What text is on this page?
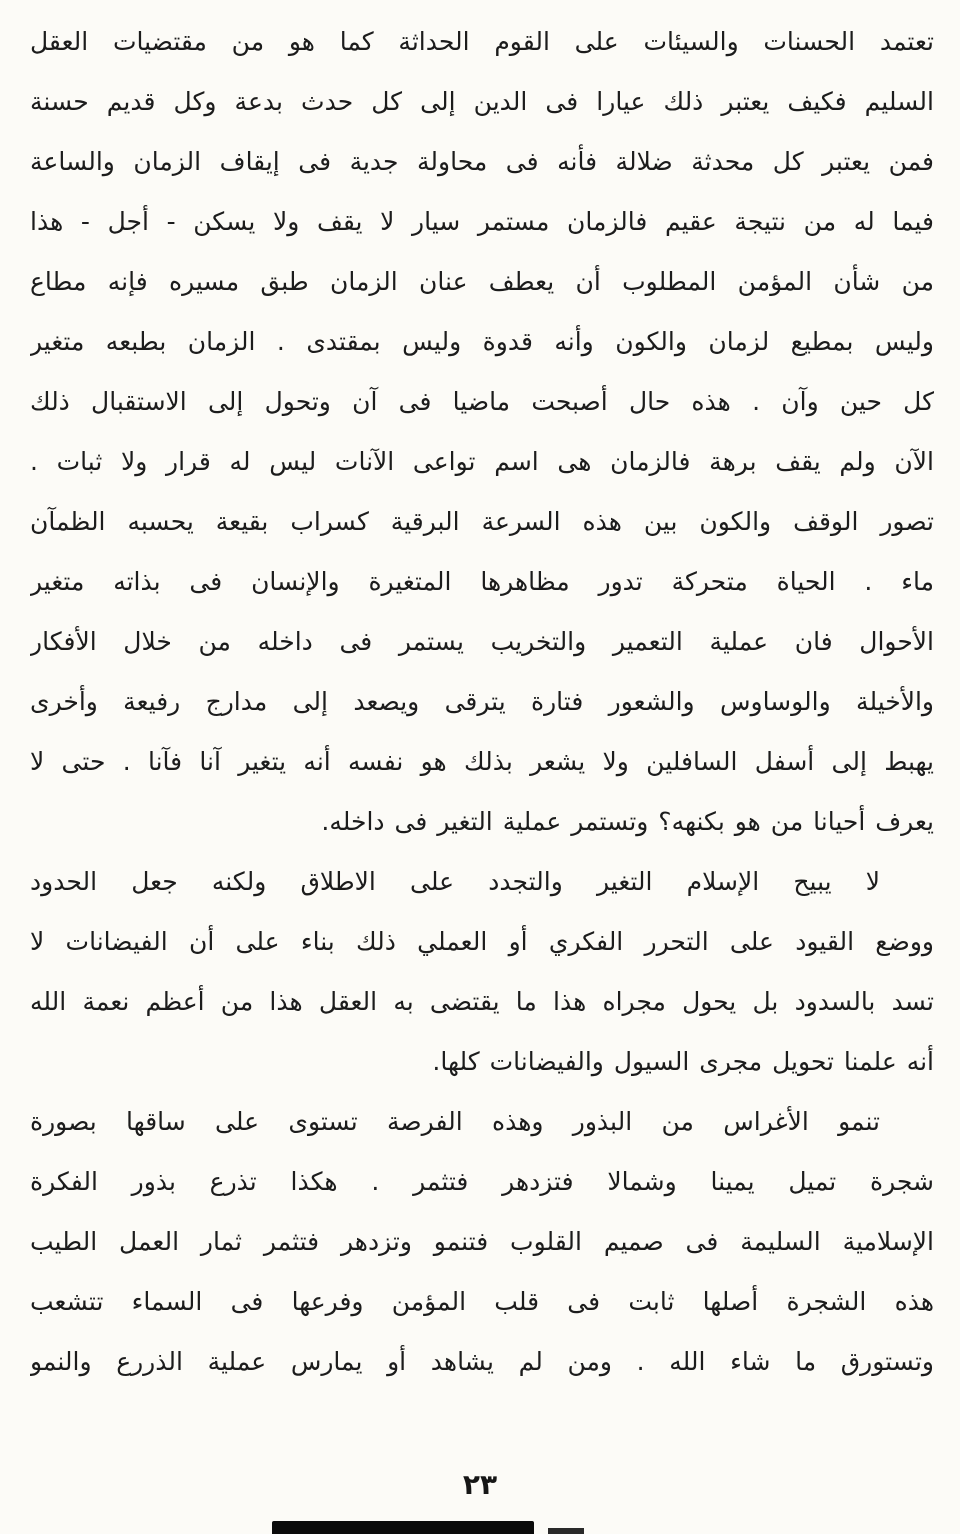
تعتمد الحسنات والسيئات على القوم الحداثة كما هو من مقتضيات العقل
السليم فكيف يعتبر ذلك عيارا فى الدين إلى كل حدث بدعة وكل قديم حسنة
فمن يعتبر كل محدثة ضلالة فأنه فى محاولة جدية فى إيقاف الزمان والساعة
فيما له من نتيجة عقيم فالزمان مستمر سيار لا يقف ولا يسكن - أجل - هذا
من شأن المؤمن المطلوب أن يعطف عنان الزمان طبق مسيره فإنه مطاع
وليس بمطيع لزمان والكون وأنه قدوة وليس بمقتدى . الزمان بطبعه متغير
كل حين وآن . هذه حال أصبحت ماضيا فى آن وتحول إلى الاستقبال ذلك
الآن ولم يقف برهة فالزمان هى اسم تواعى الآنات ليس له قرار ولا ثبات .
تصور الوقف والكون بين هذه السرعة البرقية كسراب بقيعة يحسبه الظمآن
ماء . الحياة متحركة تدور مظاهرها المتغيرة والإنسان فى بذاته متغير
الأحوال فان عملية التعمير والتخريب يستمر فى داخله من خلال الأفكار
والأخيلة والوساوس والشعور فتارة يترقى ويصعد إلى مدارج رفيعة وأخرى
يهبط إلى أسفل السافلين ولا يشعر بذلك هو نفسه أنه يتغير آنا فآنا . حتى لا
يعرف أحيانا من هو بكنهه؟ وتستمر عملية التغير فى داخله.
لا يبيح الإسلام التغير والتجدد على الاطلاق ولكنه جعل الحدود
ووضع القيود على التحرر الفكري أو العملي ذلك بناء على أن الفيضانات لا
تسد بالسدود بل يحول مجراه هذا ما يقتضى به العقل هذا من أعظم نعمة الله
أنه علمنا تحويل مجرى السيول والفيضانات كلها.
تنمو الأغراس من البذور وهذه الفرصة تستوى على ساقها بصورة
شجرة تميل يمينا وشمالا فتزدهر فتثمر . هكذا تذرع بذور الفكرة
الإسلامية السليمة فى صميم القلوب فتنمو وتزدهر فتثمر ثمار العمل الطيب
هذه الشجرة أصلها ثابت فى قلب المؤمن وفرعها فى السماء تتشعب
وتستورق ما شاء الله . ومن لم يشاهد أو يمارس عملية الذررع والنمو
٢٣
